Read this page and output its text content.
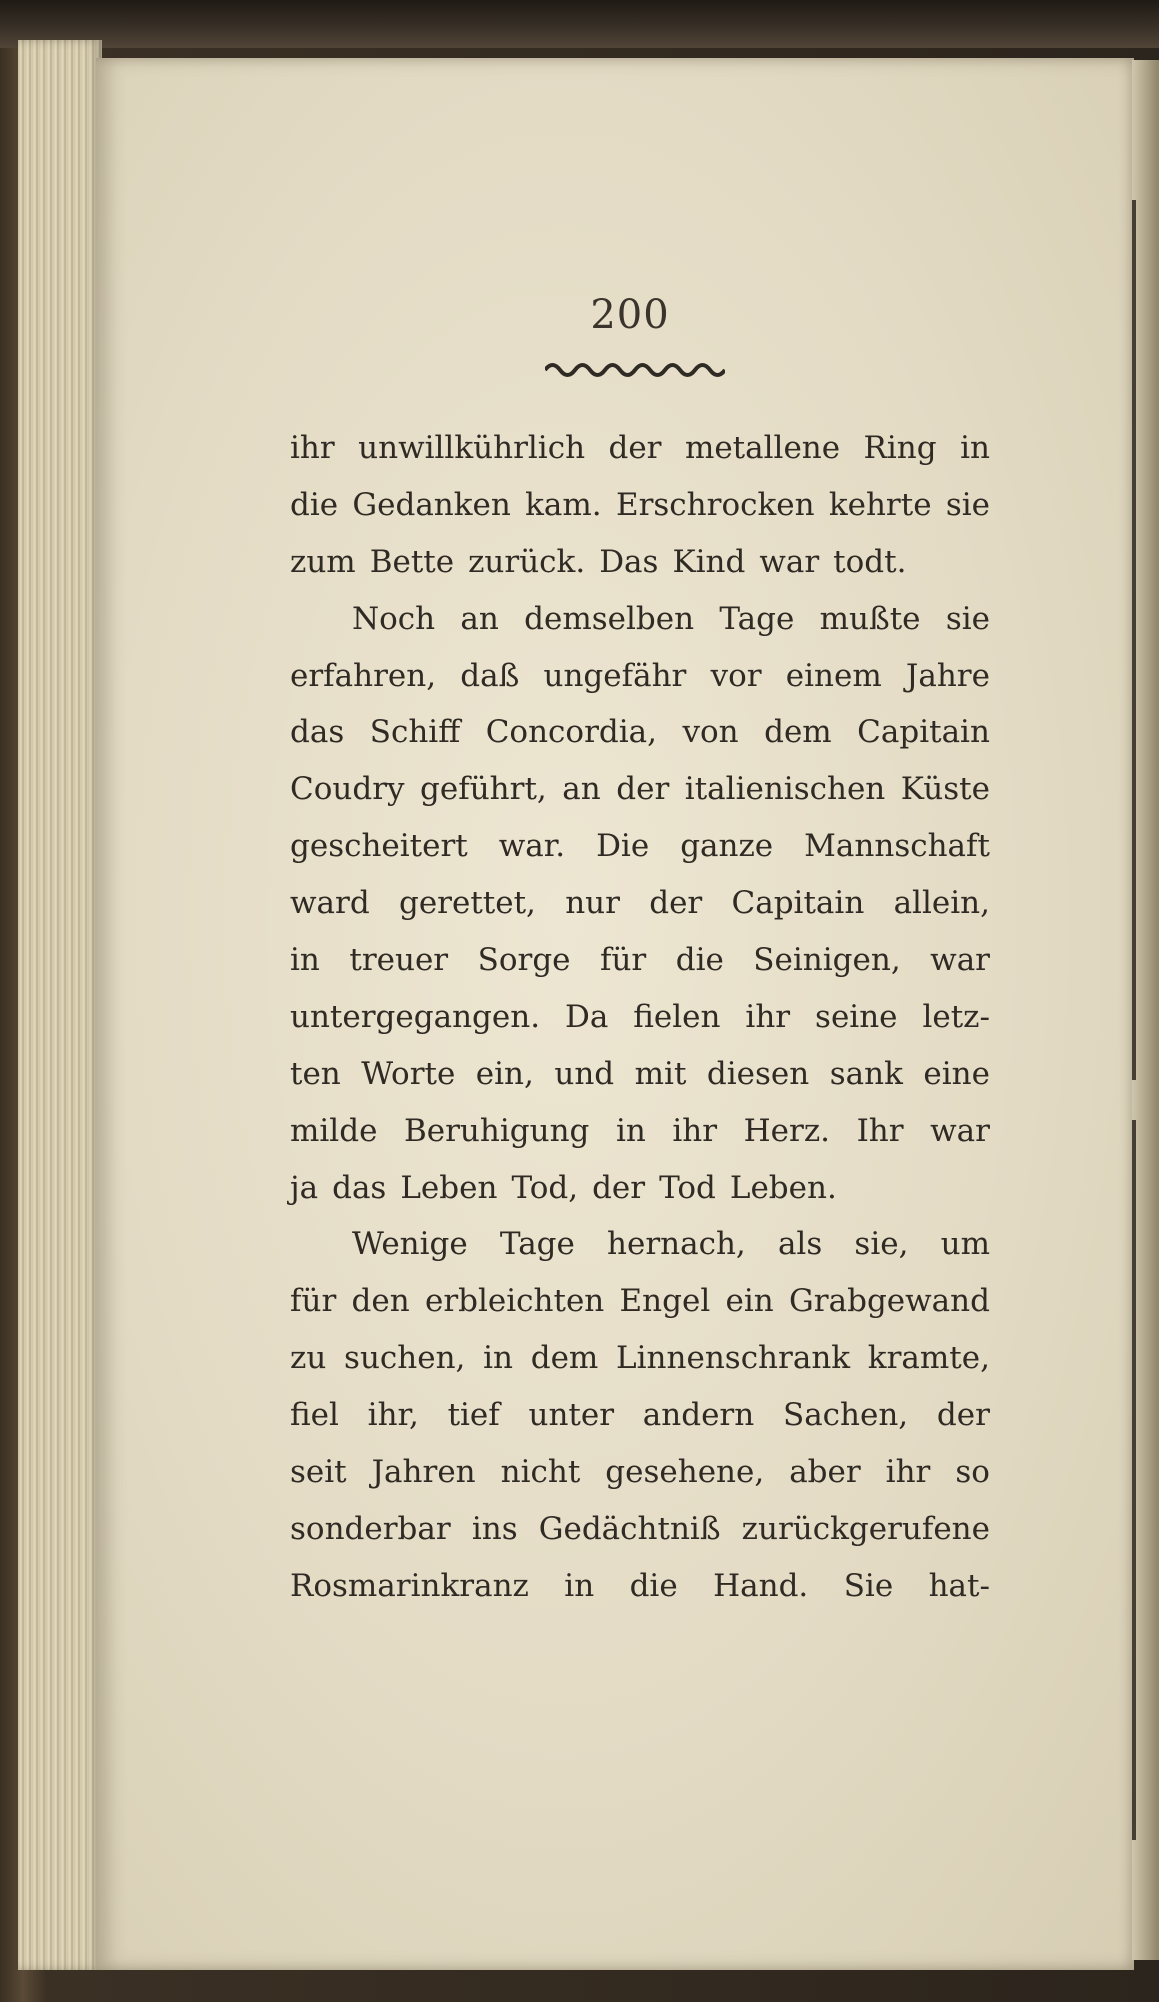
200
ihr unwillkührlich der metallene Ring in
die Gedanken kam. Erschrocken kehrte sie
zum Bette zurück. Das Kind war todt.
Noch an demselben Tage mußte sie
erfahren, daß ungefähr vor einem Jahre
das Schiff Concordia, von dem Capitain
Coudry geführt, an der italienischen Küste
gescheitert war. Die ganze Mannschaft
ward gerettet, nur der Capitain allein,
in treuer Sorge für die Seinigen, war
untergegangen. Da fielen ihr seine letz-
ten Worte ein, und mit diesen sank eine
milde Beruhigung in ihr Herz. Ihr war
ja das Leben Tod, der Tod Leben.
Wenige Tage hernach, als sie, um
für den erbleichten Engel ein Grabgewand
zu suchen, in dem Linnenschrank kramte,
fiel ihr, tief unter andern Sachen, der
seit Jahren nicht gesehene, aber ihr so
sonderbar ins Gedächtniß zurückgerufene
Rosmarinkranz in die Hand. Sie hat-
